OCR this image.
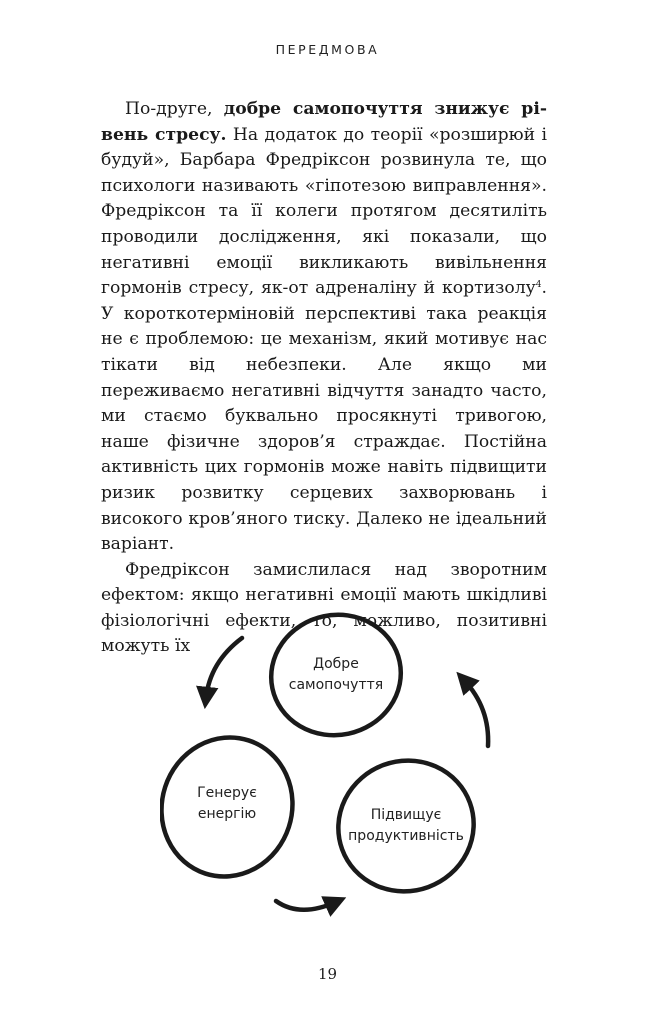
ПЕРЕДМОВА

По-друге, добре самопочуття знижує рівень стресу. На додаток до теорії «розширюй і будуй», Барбара Фредріксон розвинула те, що психологи називають «гіпотезою виправлення». Фредріксон та її колеги протягом десятиліть проводили дослідження, які показали, що негативні емоції викликають вивільнення гормонів стресу, як-от адреналіну й кортизолу$^4$. У короткотерміновій перспективі така реакція не є проблемою: це механізм, який мотивує нас тікати від небезпеки. Але якщо ми переживаємо негативні відчуття занадто часто, ми стаємо буквально просякнуті тривогою, наше фізичне здоров’я страждає. Постійна активність цих гормонів може навіть підвищити ризик розвитку серцевих захворювань і високого кров’яного тиску. Далеко не ідеальний варіант.

Фредріксон замислилася над зворотним ефектом: якщо негативні емоції мають шкідливі фізіологічні ефекти, то, можливо, позитивні можуть їх

Добре
самопочуття
Генерує
енергію	Підвищує
продуктивність
19
